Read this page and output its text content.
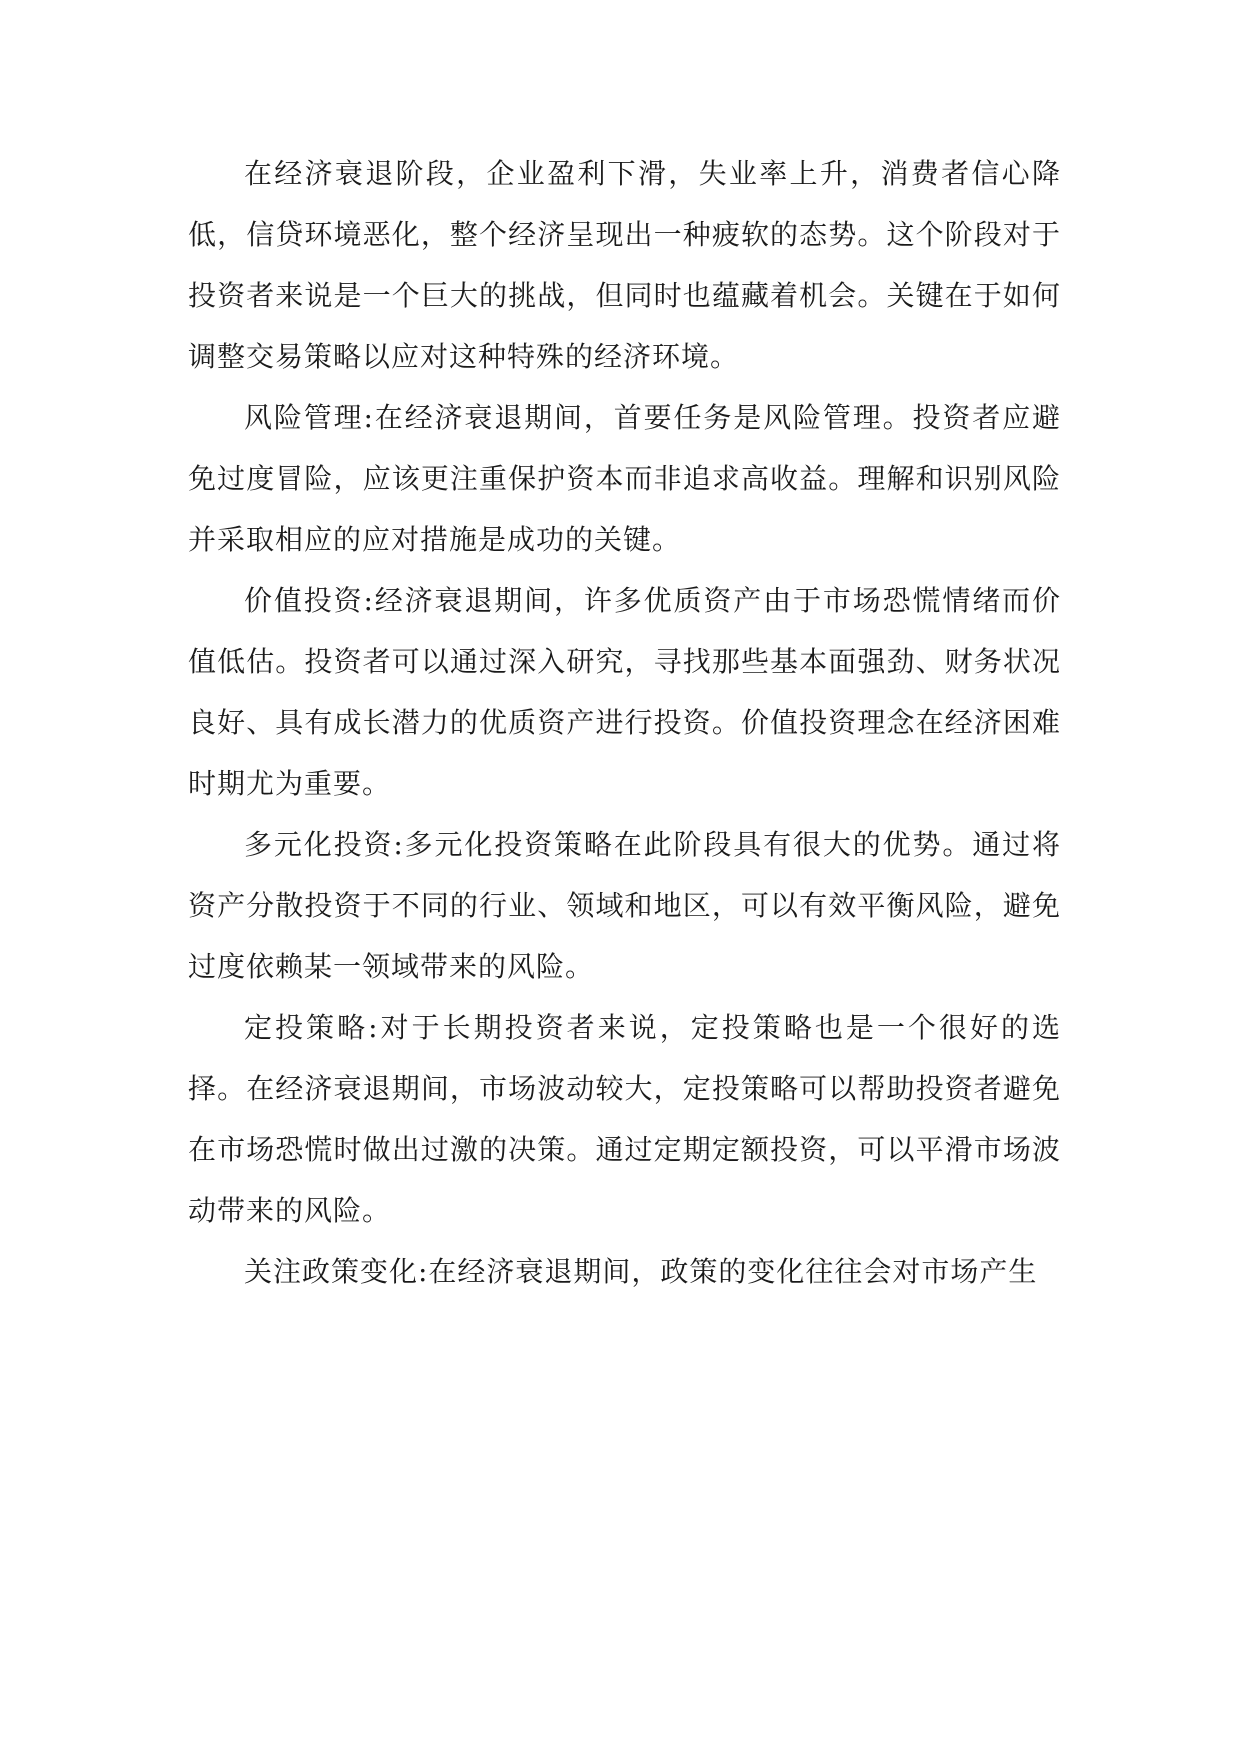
在经济衰退阶段，企业盈利下滑，失业率上升，消费者信心降低，信贷环境恶化，整个经济呈现出一种疲软的态势。这个阶段对于投资者来说是一个巨大的挑战，但同时也蕴藏着机会。关键在于如何调整交易策略以应对这种特殊的经济环境。

风险管理:在经济衰退期间，首要任务是风险管理。投资者应避免过度冒险，应该更注重保护资本而非追求高收益。理解和识别风险并采取相应的应对措施是成功的关键。

价值投资:经济衰退期间，许多优质资产由于市场恐慌情绪而价值低估。投资者可以通过深入研究，寻找那些基本面强劲、财务状况良好、具有成长潜力的优质资产进行投资。价值投资理念在经济困难时期尤为重要。

多元化投资:多元化投资策略在此阶段具有很大的优势。通过将资产分散投资于不同的行业、领域和地区，可以有效平衡风险，避免过度依赖某一领域带来的风险。

定投策略:对于长期投资者来说，定投策略也是一个很好的选择。在经济衰退期间，市场波动较大，定投策略可以帮助投资者避免在市场恐慌时做出过激的决策。通过定期定额投资，可以平滑市场波动带来的风险。

关注政策变化:在经济衰退期间，政策的变化往往会对市场产生
